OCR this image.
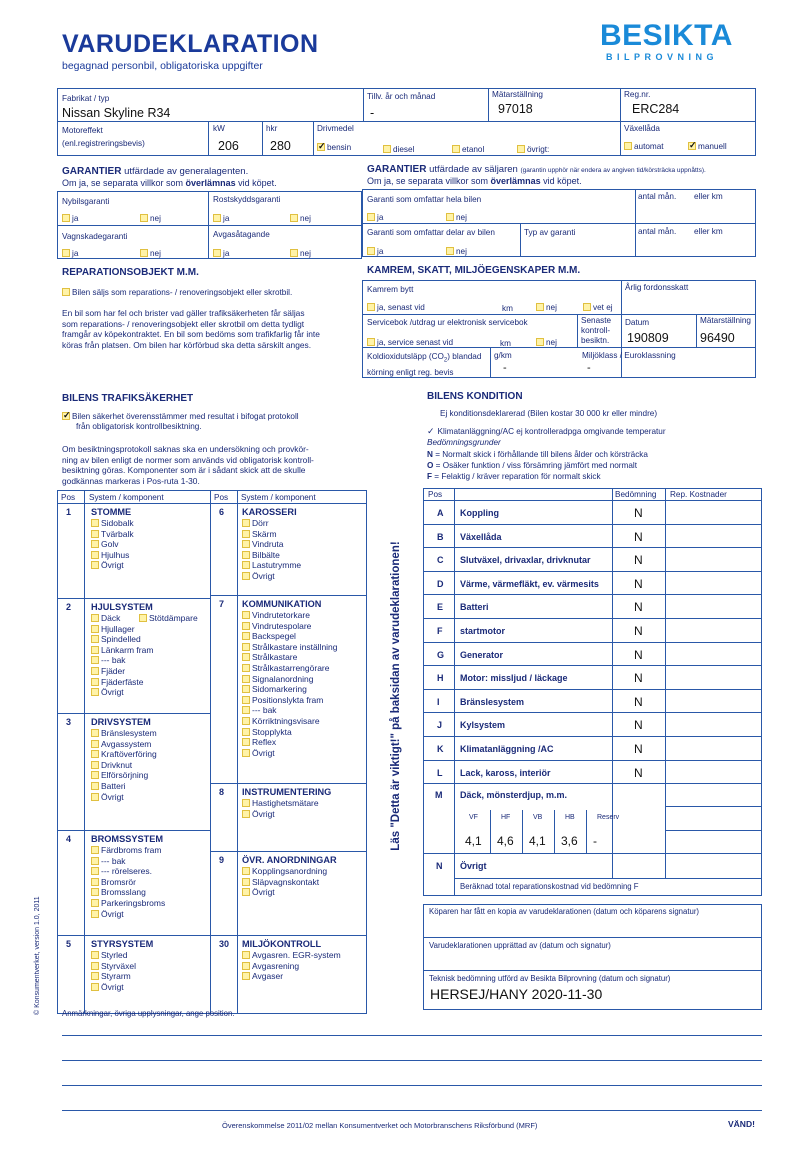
VARUDEKLARATION
begagnad personbil, obligatoriska uppgifter
BESIKTA
BILPROVNING
Fabrikat / typ
Nissan Skyline R34
Tillv. år och månad
-
Mätarställning
97018
Reg.nr.
ERC284
Motoreffekt
(enl.registreringsbevis)
kW
206
hkr
280
Drivmedel
✓bensin	diesel	etanol	övrigt:
Växellåda
automat
✓	manuell
GARANTIER utfärdade av generalagenten.
Om ja, se separata villkor som överlämnas vid köpet.
Nybilsgaranti
ja	nej
Rostskyddsgaranti
ja	nej
Vagnskadegaranti
ja	nej
Avgasåtagande
ja	nej
GARANTIER utfärdade av säljaren (garantin upphör när endera av angiven tid/körsträcka uppnåtts).
Om ja, se separata villkor som överlämnas vid köpet.
Garanti som omfattar hela bilen
ja	nej
antal mån. eller km
Garanti som omfattar delar av bilen	Typ av garanti
ja	nej
antal mån. eller km
REPARATIONSOBJEKT M.M.
Bilen säljs som reparations- / renoveringsobjekt eller skrotbil.
En bil som har fel och brister vad gäller trafiksäkerheten får säljas
som reparations- / renoveringsobjekt eller skrotbil om detta tydligt
framgår av köpekontraktet. En bil som bedöms som trafikfarlig får inte
köras från platsen. Om bilen har körförbud ska detta särskilt anges.
KAMREM, SKATT, MILJÖEGENSKAPER M.M.
Kamrem bytt
ja, senast vid	km	nej	vet ej
Årlig fordonsskatt
Servicebok /utdrag ur elektronisk servicebok
ja, service senast vid	km	nej
Senaste
kontroll-
besiktn.
Datum
190809
Mätarställning
96490
Koldioxidutsläpp $(CO_2)$ blandad
körning enligt reg. bevis
g/km
-
Miljöklass / Euroklassning
-
BILENS TRAFIKSÄKERHET
✓Bilen säkerhet överensstämmer med resultat i bifogat protokoll
från obligatorisk kontrollbesiktning.
Om besiktningsprotokoll saknas ska en undersökning och provkör-
ning av bilen enligt de normer som används vid obligatorisk kontroll-
besiktning göras. Komponenter som är i sådant skick att de skulle
godkännas markeras i Pos-ruta 1-30.
Pos System / komponent	Pos System / komponent
1 STOMME
Sidobalk
Tvärbalk
Golv
Hjulhus
Övrigt
2 HJULSYSTEM
Däck
Hjullager
Spindelled
Länkarm fram
--- bak
Fjäder
Fjäderfäste
Övrigt
Stötdämpare
3 DRIVSYSTEM
Bränslesystem
Avgassystem
Kraftöverföring
Drivknut
Elförsörjning
Batteri
Övrigt
4 BROMSSYSTEM
Färdbroms fram
--- bak
--- rörelseres.
Bromsrör
Bromsslang
Parkeringsbroms
Övrigt
5 STYRSYSTEM
Styrled
Styrväxel
Styrarm
Övrigt
6 KAROSSERI
Dörr
Skärm
Vindruta
Bilbälte
Lastutrymme
Övrigt
7 KOMMUNIKATION
Vindrutetorkare
Vindrutespolare
Backspegel
Strålkastare inställning
Strålkastare
Strålkastarrengörare
Signalanordning
Sidomarkering
Positionslykta fram
--- bak
Körriktningsvisare
Stopplykta
Reflex
Övrigt
8 INSTRUMENTERING
Hastighetsmätare
Övrigt
9 ÖVR. ANORDNINGAR
Kopplingsanordning
Släpvagnskontakt
Övrigt
30 MILJÖKONTROLL
Avgasren. EGR-system
Avgasrening
Avgaser
Läs "Detta är viktigt!" på baksidan av varudeklarationen!
© Konsumentverket, version 1.0, 2011
BILENS KONDITION
Ej konditionsdeklarerad (Bilen kostar 30 000 kr eller mindre)
✓ Klimatanläggning/AC ej kontrolleradpga omgivande temperatur
Bedömningsgrunder
N = Normalt skick i förhållande till bilens ålder och körsträcka
O = Osäker funktion / viss försämring jämfört med normalt
F = Felaktig / kräver reparation för normalt skick
Pos	Bedömning Rep. Kostnader
A Koppling	N
B Växellåda	N
C Slutväxel, drivaxlar, drivknutar	N
D Värme, värmefläkt, ev. värmesits	N
E Batteri	N
F startmotor	N
G Generator	N
H Motor: missljud / läckage	N
I Bränslesystem	N
J Kylsystem	N
K Klimatanläggning /AC	N
L Lack, kaross, interiör	N
M Däck, mönsterdjup, m.m.
VF
4,1
HF
4,6
VB
4,1
HB
3,6
Reserv
-
N Övrigt
Beräknad total reparationskostnad vid bedömning F
Köparen har fått en kopia av varudeklarationen (datum och köparens signatur)
Varudeklarationen upprättad av (datum och signatur)
Teknisk bedömning utförd av Besikta Bilprovning (datum och signatur)
HERSEJ/HANY 2020-11-30
Anmärkningar, övriga upplysningar, ange position.
Överenskommelse 2011/02 mellan Konsumentverket och Motorbranschens Riksförbund (MRF)	VÄND!
